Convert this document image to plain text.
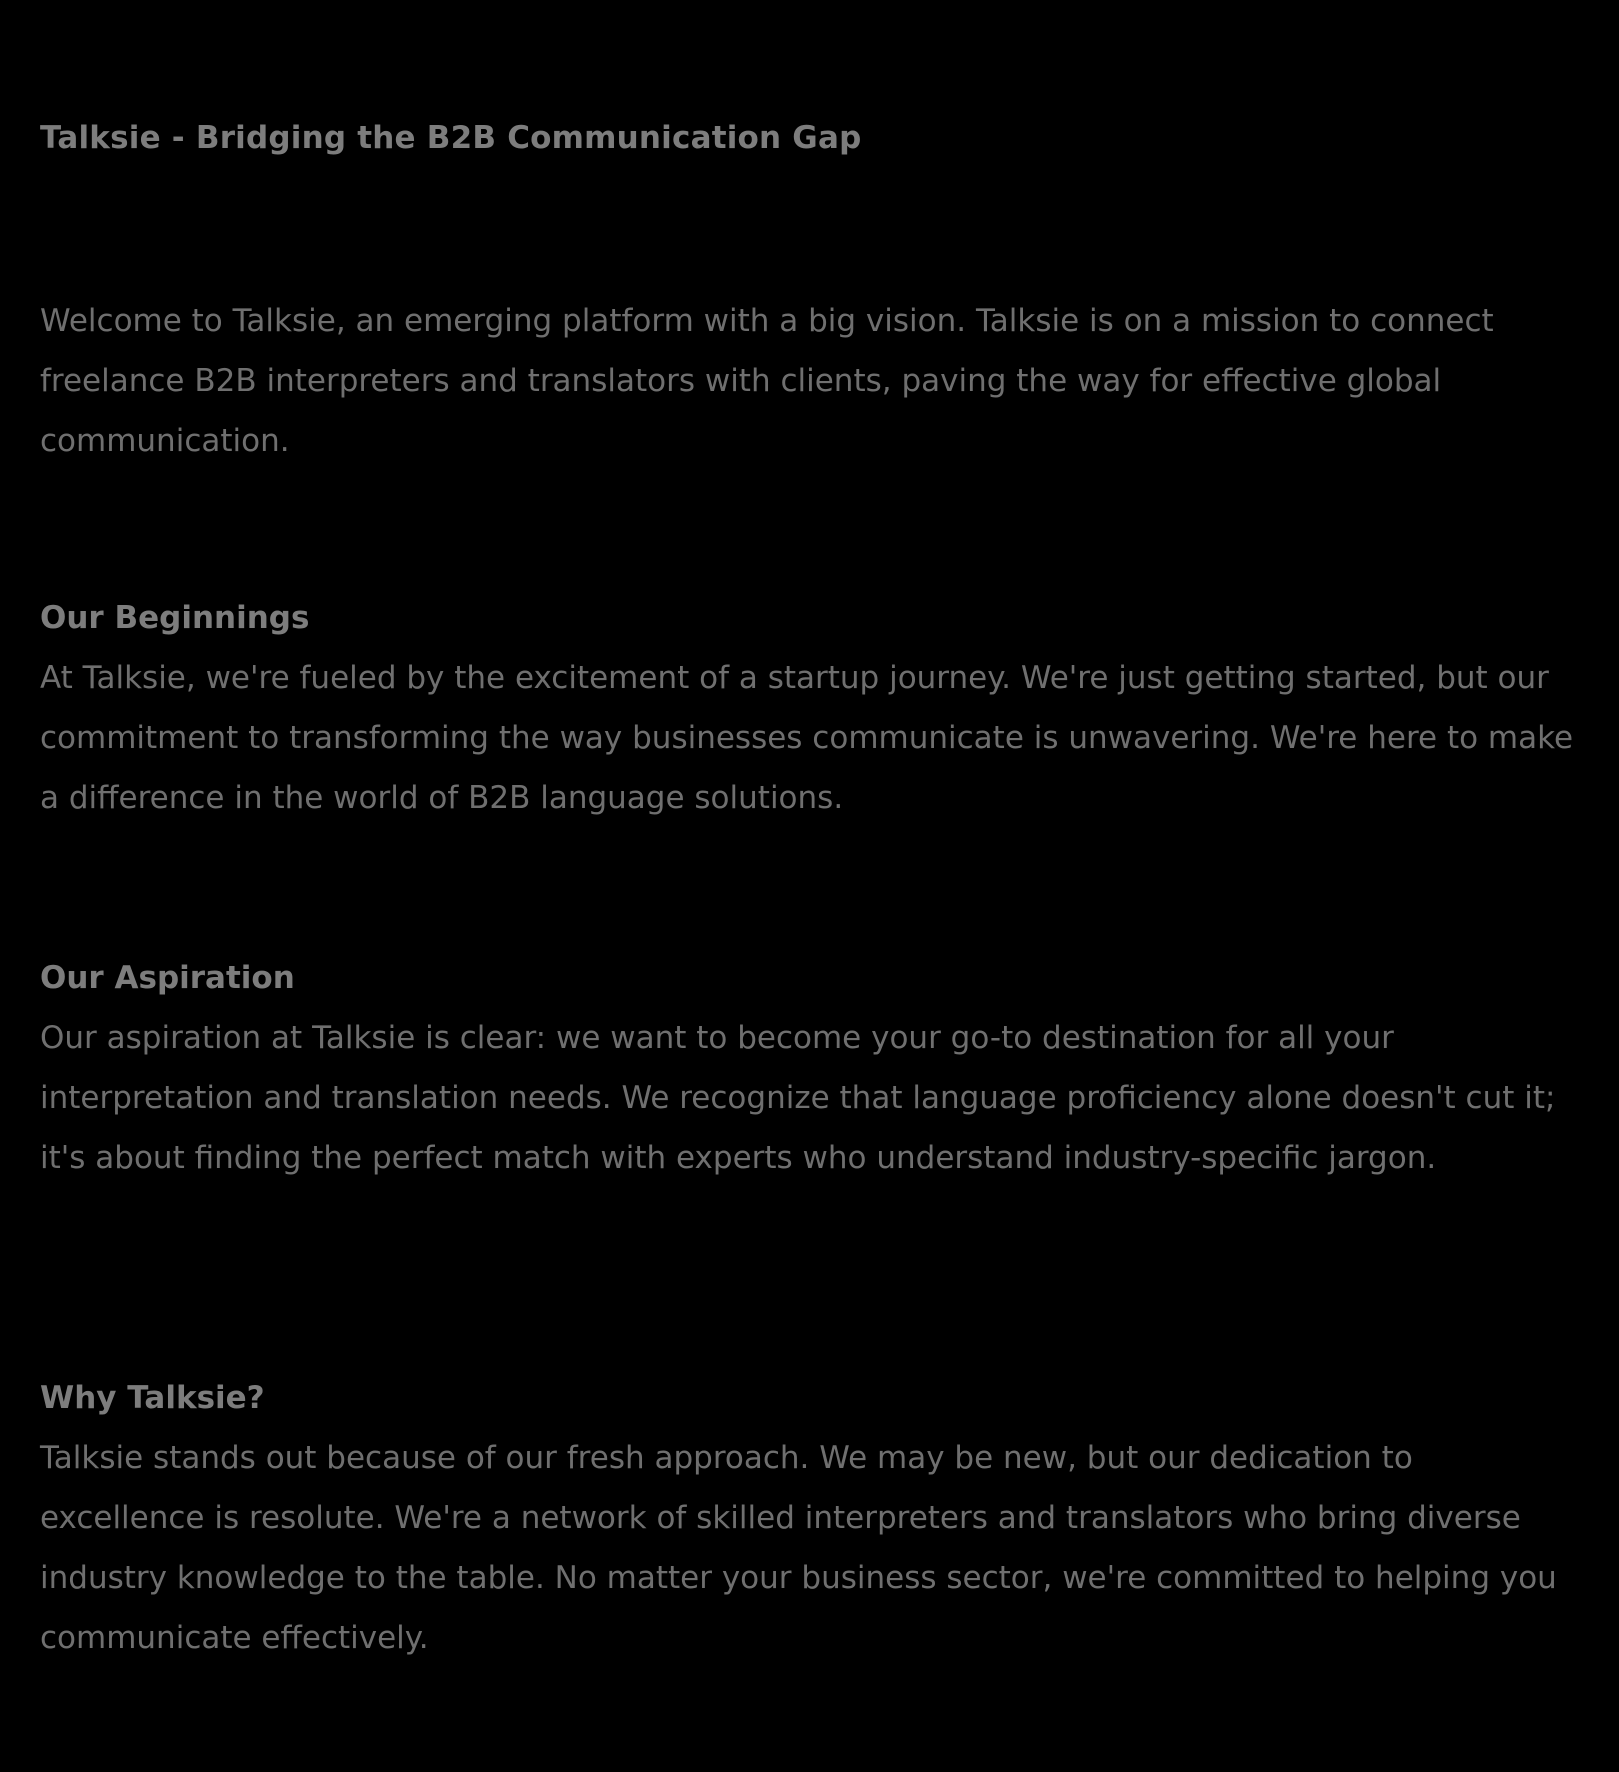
Talksie - Bridging the B2B Communication Gap

Welcome to Talksie, an emerging platform with a big vision. Talksie is on a mission to connect freelance B2B interpreters and translators with clients, paving the way for effective global communication.

Our Beginnings

At Talksie, we're fueled by the excitement of a startup journey. We're just getting started, but our commitment to transforming the way businesses communicate is unwavering. We're here to make a difference in the world of B2B language solutions.

Our Aspiration

Our aspiration at Talksie is clear: we want to become your go-to destination for all your interpretation and translation needs. We recognize that language proficiency alone doesn't cut it; it's about finding the perfect match with experts who understand industry-specific jargon.

Why Talksie?

Talksie stands out because of our fresh approach. We may be new, but our dedication to excellence is resolute. We're a network of skilled interpreters and translators who bring diverse industry knowledge to the table. No matter your business sector, we're committed to helping you communicate effectively.
